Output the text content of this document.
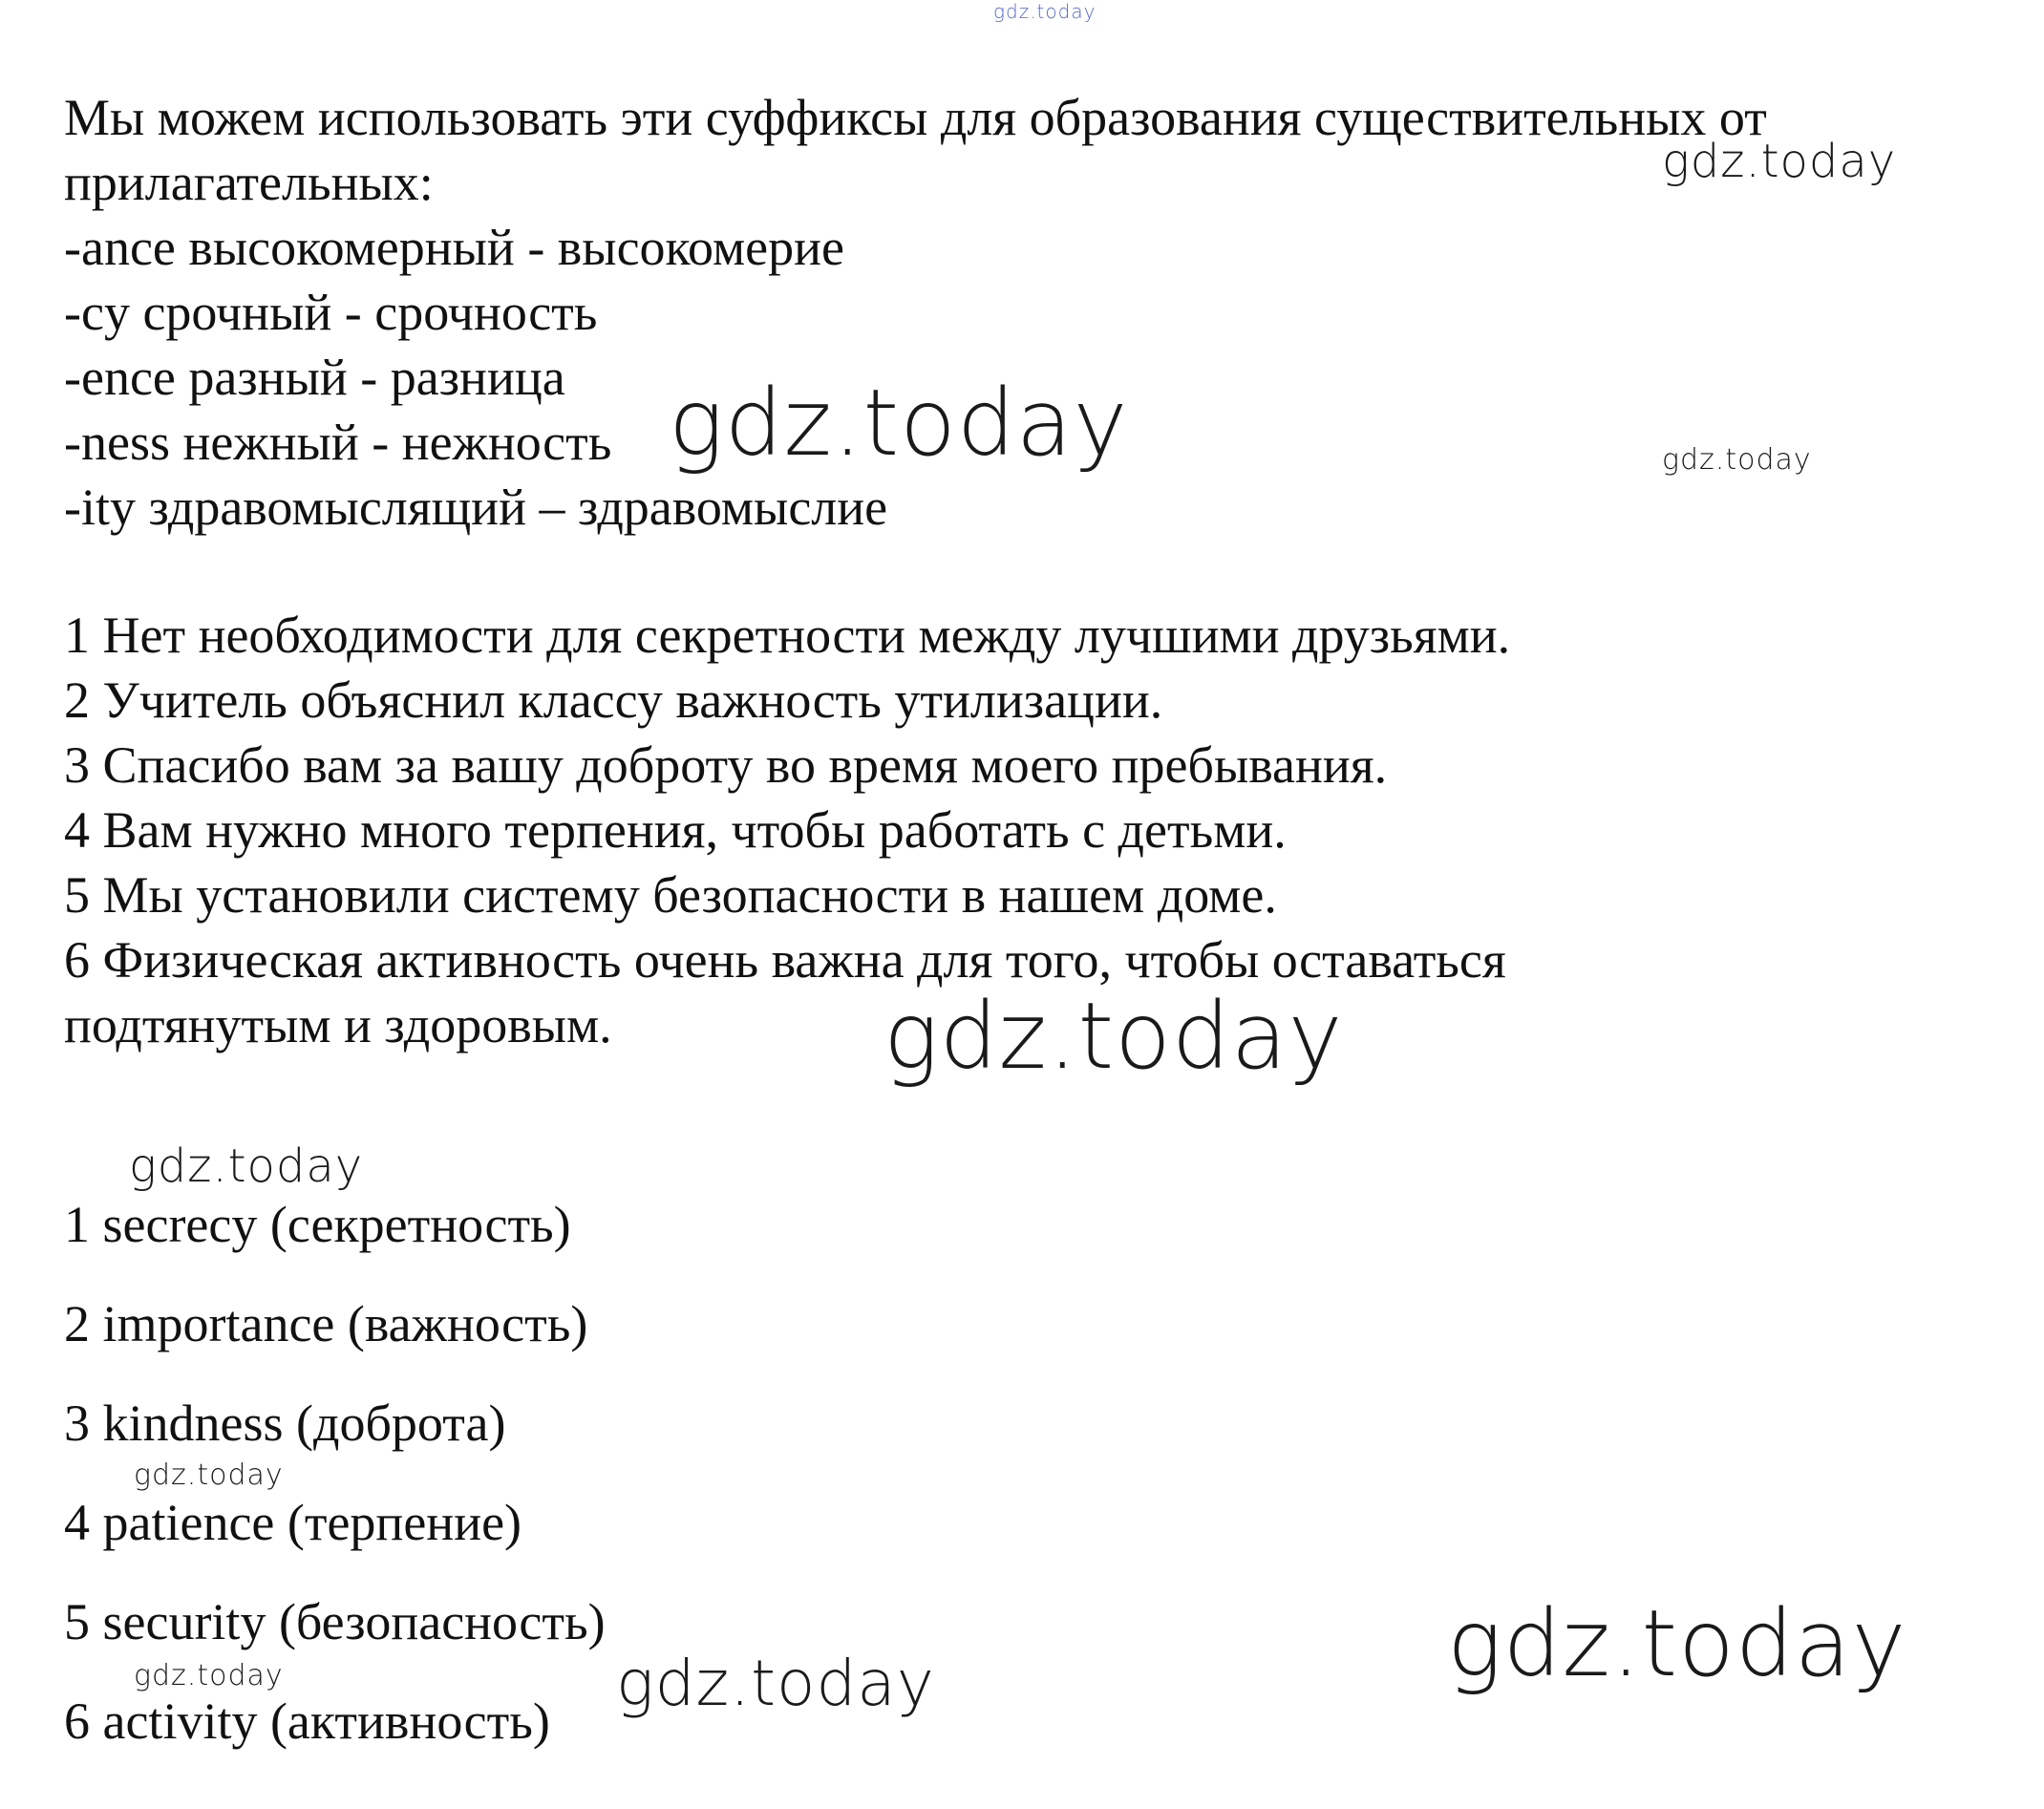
gdz.today
gdz.today
gdz.today	gdz.today
gdz.today
gdz.today
gdz.today
gdz.today
gdz.today	gdz.today
Мы можем использовать эти суффиксы для образования существительных от
прилагательных:
-ance высокомерный - высокомерие
-cy срочный - срочность
-ence разный - разница
-ness нежный - нежность
-ity здравомыслящий – здравомыслие
1 Нет необходимости для секретности между лучшими друзьями.
2 Учитель объяснил классу важность утилизации.
3 Спасибо вам за вашу доброту во время моего пребывания.
4 Вам нужно много терпения, чтобы работать с детьми.
5 Мы установили систему безопасности в нашем доме.
6 Физическая активность очень важна для того, чтобы оставаться
подтянутым и здоровым.
1 secrecy (секретность)
2 importance (важность)
3 kindness (доброта)
4 patience (терпение)
5 security (безопасность)
6 activity (активность)
